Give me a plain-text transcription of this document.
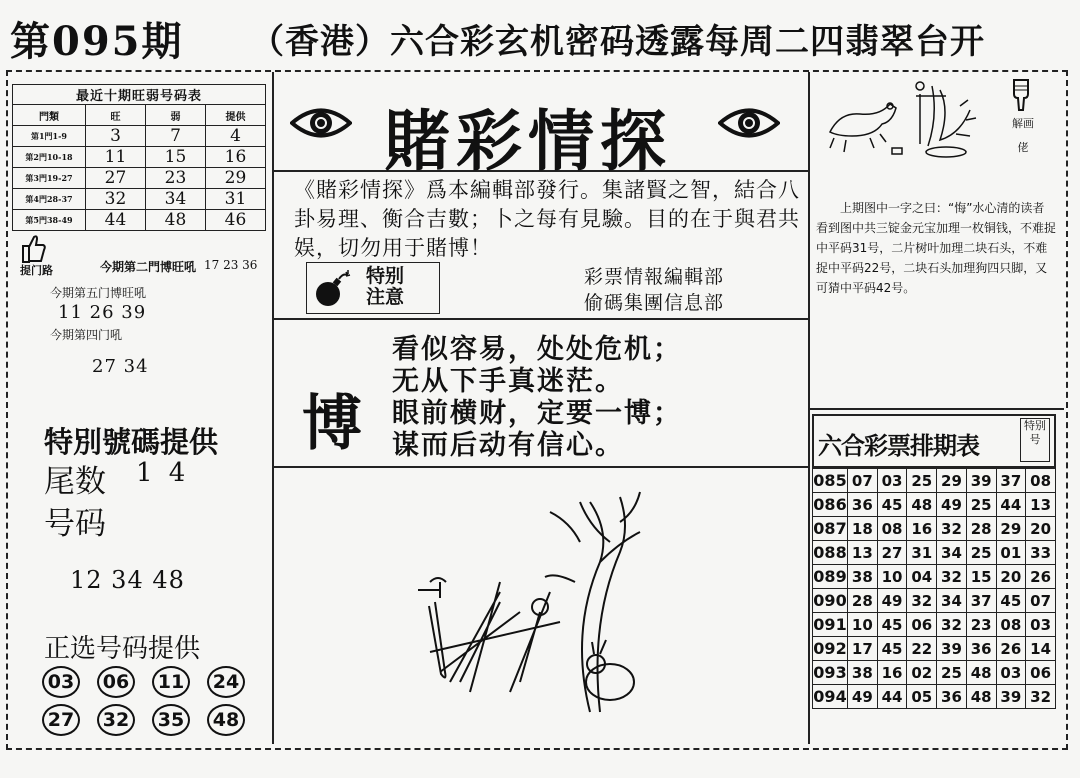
第095期 （香港）六合彩玄机密码透露每周二四翡翠台开
最近十期旺弱号码表			
門類	旺	弱	提供
第1門1-9	3	7	4
第2門10-18	11	15	16
第3門19-27	27	23	29
第4門28-37	32	34	31
第5門38-49	44	48	46
提门路	今期第二門博旺吼 17 23 36
今期第五门博旺吼
11 26 39
今期第四门吼
27 34
特別號碼提供
尾数 1 4
号码
12 34 48
正选号码提供
03	06	11	24
27	32	35	48
賭彩情探
《賭彩情探》爲本編輯部發行。集諸賢之智，結合八卦易理、衡合吉數；卜之每有見驗。目的在于與君共娱，切勿用于賭博！
特别
注意
彩票情報編輯部
偷碼集團信息部
博
看似容易，处处危机；
无从下手真迷茫。
眼前横财，定要一博；
谋而后动有信心。
解画佬
上期图中一字之曰：“悔”水心清的读者看到图中共三锭金元宝加理一枚铜钱，不难捉中平码31号，二片树叶加理二块石头，不难捉中平码22号，二块石头加理狗四只脚，又可猜中平码42号。
六合彩票排期表
特别号
085	07	03	25	29	39	37	08
086	36	45	48	49	25	44	13
087	18	08	16	32	28	29	20
088	13	27	31	34	25	01	33
089	38	10	04	32	15	20	26
090	28	49	32	34	37	45	07
091	10	45	06	32	23	08	03
092	17	45	22	39	36	26	14
093	38	16	02	25	48	03	06
094	49	44	05	36	48	39	32
